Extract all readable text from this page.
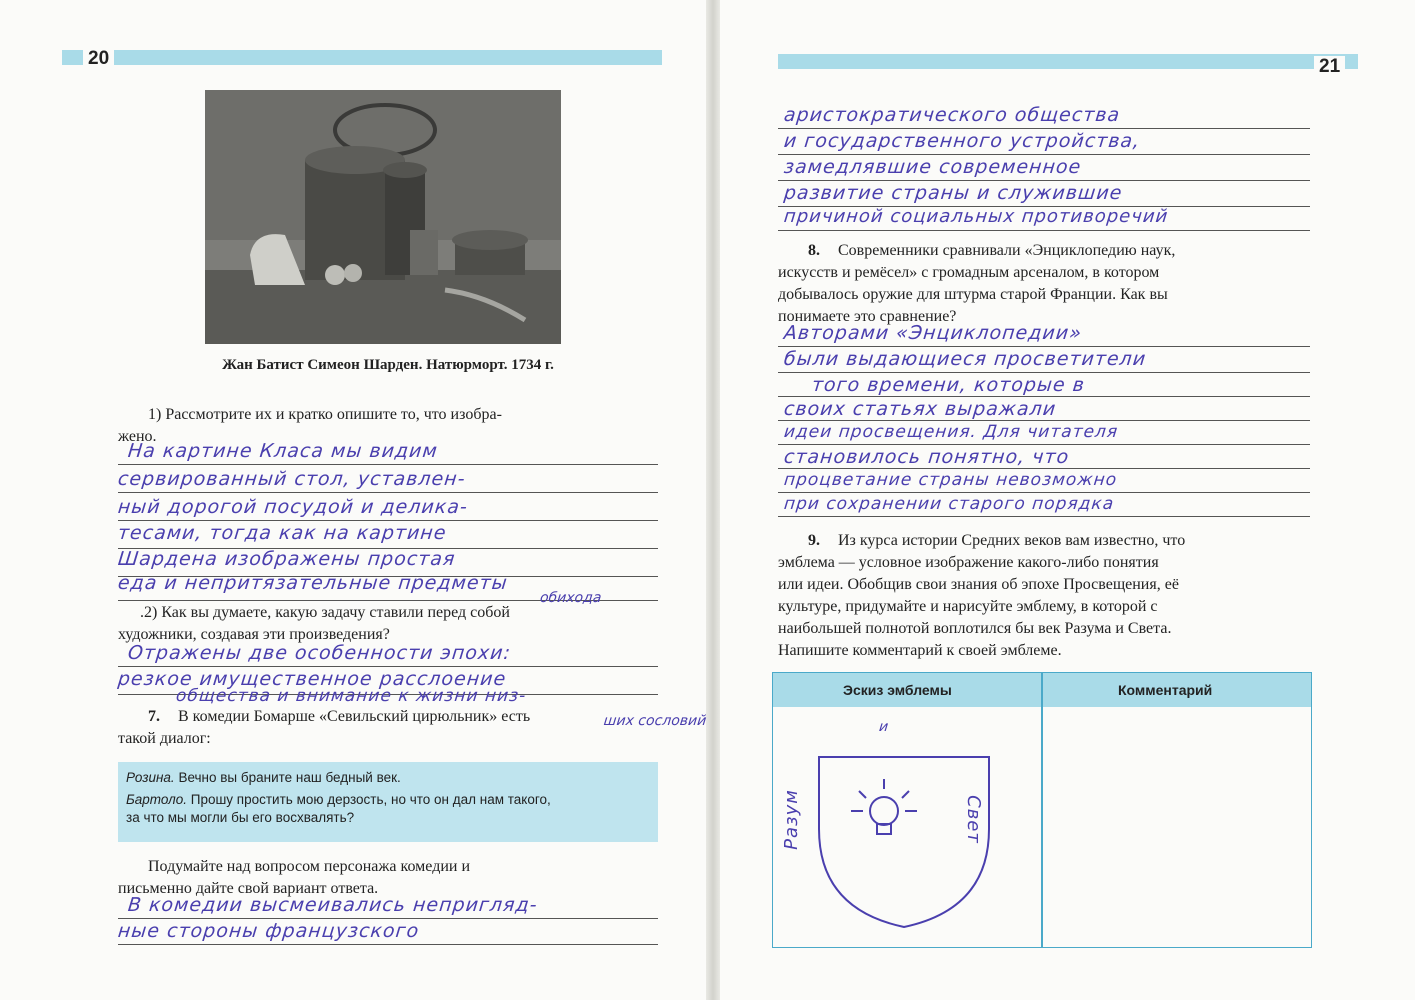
20
Жан Батист Симеон Шарден. Натюрморт. 1734 г.
1) Рассмотрите их и кратко опишите то, что изобра-
жено.
На картине Класа мы видим
сервированный стол, уставлен-
ный дорогой посудой и делика-
тесами, тогда как на картине
Шардена изображены простая
еда и непритязательные предметы
обихода
.2) Как вы думаете, какую задачу ставили перед собой
художники, создавая эти произведения?
Отражены две особенности эпохи:
резкое имущественное расслоение
общества и внимание к жизни низ-
ших сословий
7. В комедии Бомарше «Севильский цирюльник» есть
такой диалог:
Розина. Вечно вы браните наш бедный век.
Бартоло. Прошу простить мою дерзость, но что он дал нам такого,
за что мы могли бы его восхвалять?
Подумайте над вопросом персонажа комедии и
письменно дайте свой вариант ответа.
В комедии высмеивались непригляд-
ные стороны французского
21
аристократического общества
и государственного устройства,
замедлявшие современное
развитие страны и служившие
причиной социальных противоречий
8. Современники сравнивали «Энциклопедию наук,
искусств и ремёсел» с громадным арсеналом, в котором
добывалось оружие для штурма старой Франции. Как вы
понимаете это сравнение?
Авторами «Энциклопедии»
были выдающиеся просветители
того времени, которые в
своих статьях выражали
идеи просвещения. Для читателя
становилось понятно, что
процветание страны невозможно
при сохранении старого порядка
9. Из курса истории Средних веков вам известно, что
эмблема — условное изображение какого-либо понятия
или идеи. Обобщив свои знания об эпохе Просвещения, её
культуре, придумайте и нарисуйте эмблему, в которой с
наибольшей полнотой воплотился бы век Разума и Света.
Напишите комментарий к своей эмблеме.
Эскиз эмблемы	Комментарий
и
Разум	Свет
